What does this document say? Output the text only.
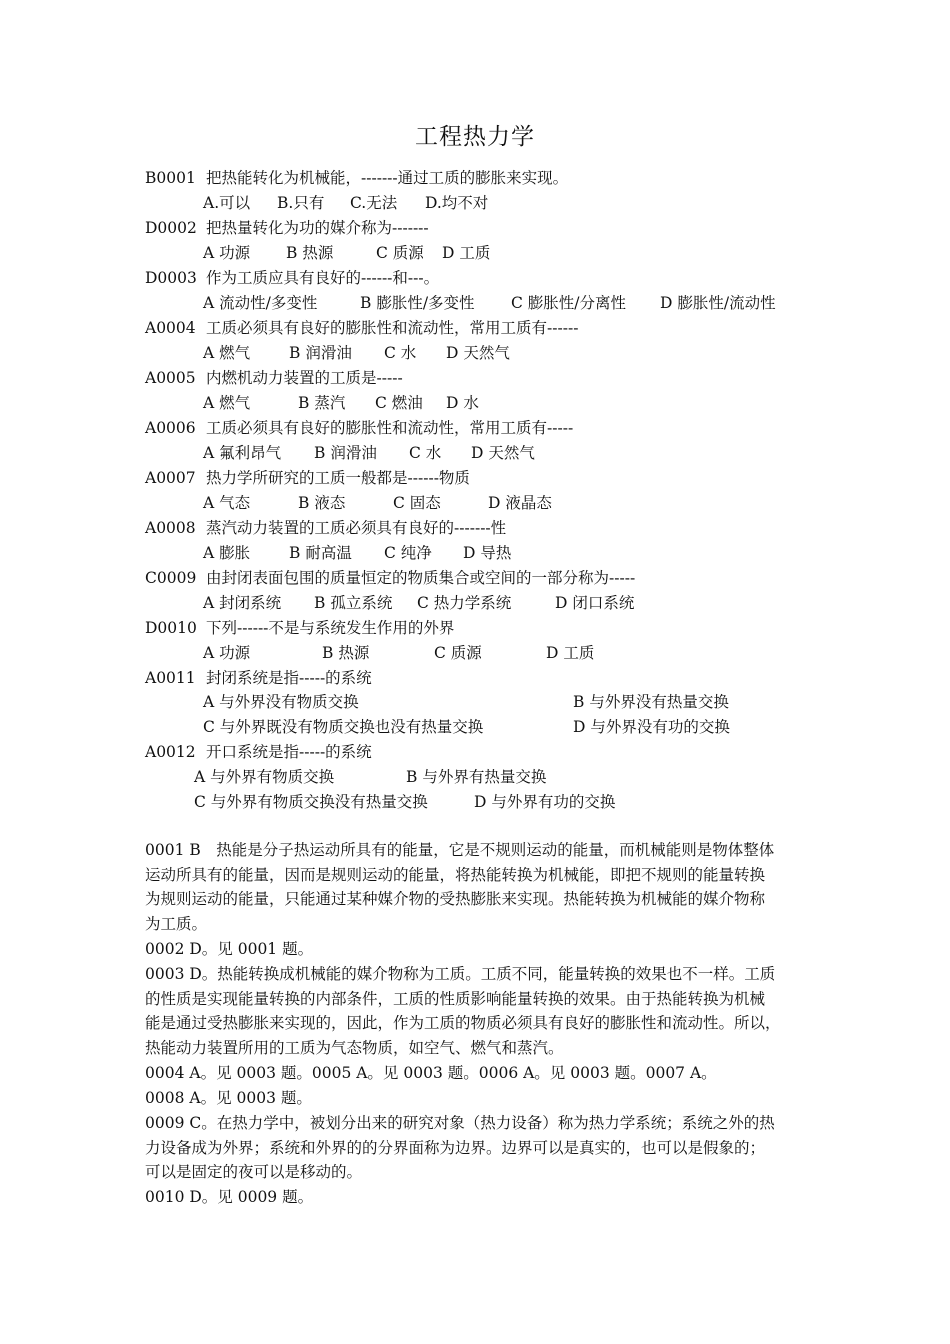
工程热力学
B0001 把热能转化为机械能，-------通过工质的膨胀来实现。
A.可以 B.只有 C.无法 D.均不对
D0002 把热量转化为功的媒介称为-------
A 功源 B 热源	C 质源 D 工质
D0003 作为工质应具有良好的------和---。
A 流动性/多变性	B 膨胀性/多变性 C 膨胀性/分离性 D 膨胀性/流动性
A0004 工质必须具有良好的膨胀性和流动性，常用工质有------
A 燃气	B 润滑油 C 水 D 天然气
A0005 内燃机动力装置的工质是-----
A 燃气	B 蒸汽 C 燃油 D 水
A0006 工质必须具有良好的膨胀性和流动性，常用工质有-----
A 氟利昂气 B 润滑油 C 水 D 天然气
A0007 热力学所研究的工质一般都是------物质
A 气态	B 液态	C 固态	D 液晶态
A0008 蒸汽动力装置的工质必须具有良好的-------性
A 膨胀	B 耐高温 C 纯净 D 导热
C0009 由封闭表面包围的质量恒定的物质集合或空间的一部分称为-----
A 封闭系统 B 孤立系统 C 热力学系统	D 闭口系统
D0010 下列------不是与系统发生作用的外界
A 功源	B 热源	C 质源	D 工质
A0011 封闭系统是指-----的系统
A 与外界没有物质交换	B 与外界没有热量交换
C 与外界既没有物质交换也没有热量交换	D 与外界没有功的交换
A0012 开口系统是指-----的系统
A 与外界有物质交换	B 与外界有热量交换
C 与外界有物质交换没有热量交换	D 与外界有功的交换
0001 B　热能是分子热运动所具有的能量，它是不规则运动的能量，而机械能则是物体整体
运动所具有的能量，因而是规则运动的能量，将热能转换为机械能，即把不规则的能量转换
为规则运动的能量，只能通过某种媒介物的受热膨胀来实现。热能转换为机械能的媒介物称
为工质。
0002 D。见 0001 题。
0003 D。热能转换成机械能的媒介物称为工质。工质不同，能量转换的效果也不一样。工质
的性质是实现能量转换的内部条件，工质的性质影响能量转换的效果。由于热能转换为机械
能是通过受热膨胀来实现的，因此，作为工质的物质必须具有良好的膨胀性和流动性。所以，
热能动力装置所用的工质为气态物质，如空气、燃气和蒸汽。
0004 A。见 0003 题。0005 A。见 0003 题。0006 A。见 0003 题。0007 A。
0008 A。见 0003 题。
0009 C。在热力学中，被划分出来的研究对象（热力设备）称为热力学系统；系统之外的热
力设备成为外界；系统和外界的的分界面称为边界。边界可以是真实的，也可以是假象的；
可以是固定的夜可以是移动的。
0010 D。见 0009 题。
